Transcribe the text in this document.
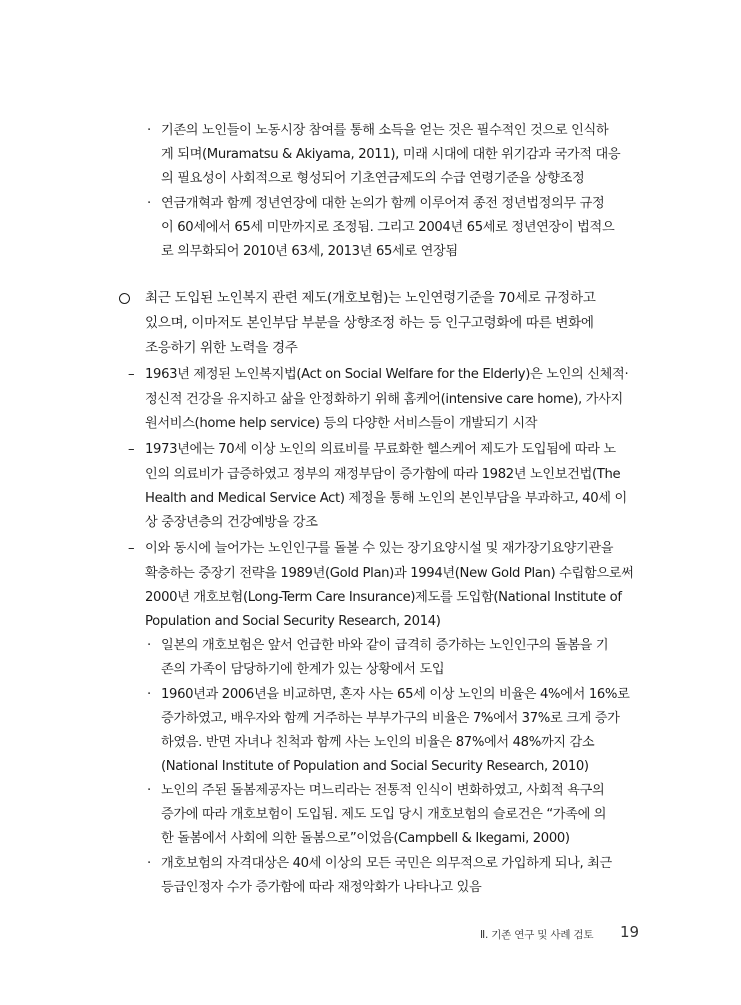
· 기존의 노인들이 노동시장 참여를 통해 소득을 얻는 것은 필수적인 것으로 인식하
게 되며(Muramatsu & Akiyama, 2011), 미래 시대에 대한 위기감과 국가적 대응
의 필요성이 사회적으로 형성되어 기초연금제도의 수급 연령기준을 상향조정
· 연금개혁과 함께 정년연장에 대한 논의가 함께 이루어져 종전 정년법정의무 규정
이 60세에서 65세 미만까지로 조정됨. 그리고 2004년 65세로 정년연장이 법적으
로 의무화되어 2010년 63세, 2013년 65세로 연장됨
최근 도입된 노인복지 관련 제도(개호보험)는 노인연령기준을 70세로 규정하고
있으며, 이마저도 본인부담 부분을 상향조정 하는 등 인구고령화에 따른 변화에
조응하기 위한 노력을 경주
– 1963년 제정된 노인복지법(Act on Social Welfare for the Elderly)은 노인의 신체적·
정신적 건강을 유지하고 삶을 안정화하기 위해 홈케어(intensive care home), 가사지
원서비스(home help service) 등의 다양한 서비스들이 개발되기 시작
– 1973년에는 70세 이상 노인의 의료비를 무료화한 헬스케어 제도가 도입됨에 따라 노
인의 의료비가 급증하였고 정부의 재정부담이 증가함에 따라 1982년 노인보건법(The
Health and Medical Service Act) 제정을 통해 노인의 본인부담을 부과하고, 40세 이
상 중장년층의 건강예방을 강조
– 이와 동시에 늘어가는 노인인구를 돌볼 수 있는 장기요양시설 및 재가장기요양기관을
확충하는 중장기 전략을 1989년(Gold Plan)과 1994년(New Gold Plan) 수립함으로써
2000년 개호보험(Long-Term Care Insurance)제도를 도입함(National Institute of
Population and Social Security Research, 2014)
· 일본의 개호보험은 앞서 언급한 바와 같이 급격히 증가하는 노인인구의 돌봄을 기
존의 가족이 담당하기에 한계가 있는 상황에서 도입
· 1960년과 2006년을 비교하면, 혼자 사는 65세 이상 노인의 비율은 4%에서 16%로
증가하였고, 배우자와 함께 거주하는 부부가구의 비율은 7%에서 37%로 크게 증가
하였음. 반면 자녀나 친척과 함께 사는 노인의 비율은 87%에서 48%까지 감소
(National Institute of Population and Social Security Research, 2010)
· 노인의 주된 돌봄제공자는 며느리라는 전통적 인식이 변화하였고, 사회적 욕구의
증가에 따라 개호보험이 도입됨. 제도 도입 당시 개호보험의 슬로건은 “가족에 의
한 돌봄에서 사회에 의한 돌봄으로”이었음(Campbell & Ikegami, 2000)
· 개호보험의 자격대상은 40세 이상의 모든 국민은 의무적으로 가입하게 되나, 최근
등급인정자 수가 증가함에 따라 재정악화가 나타나고 있음
Ⅱ. 기존 연구 및 사례 검토 19
